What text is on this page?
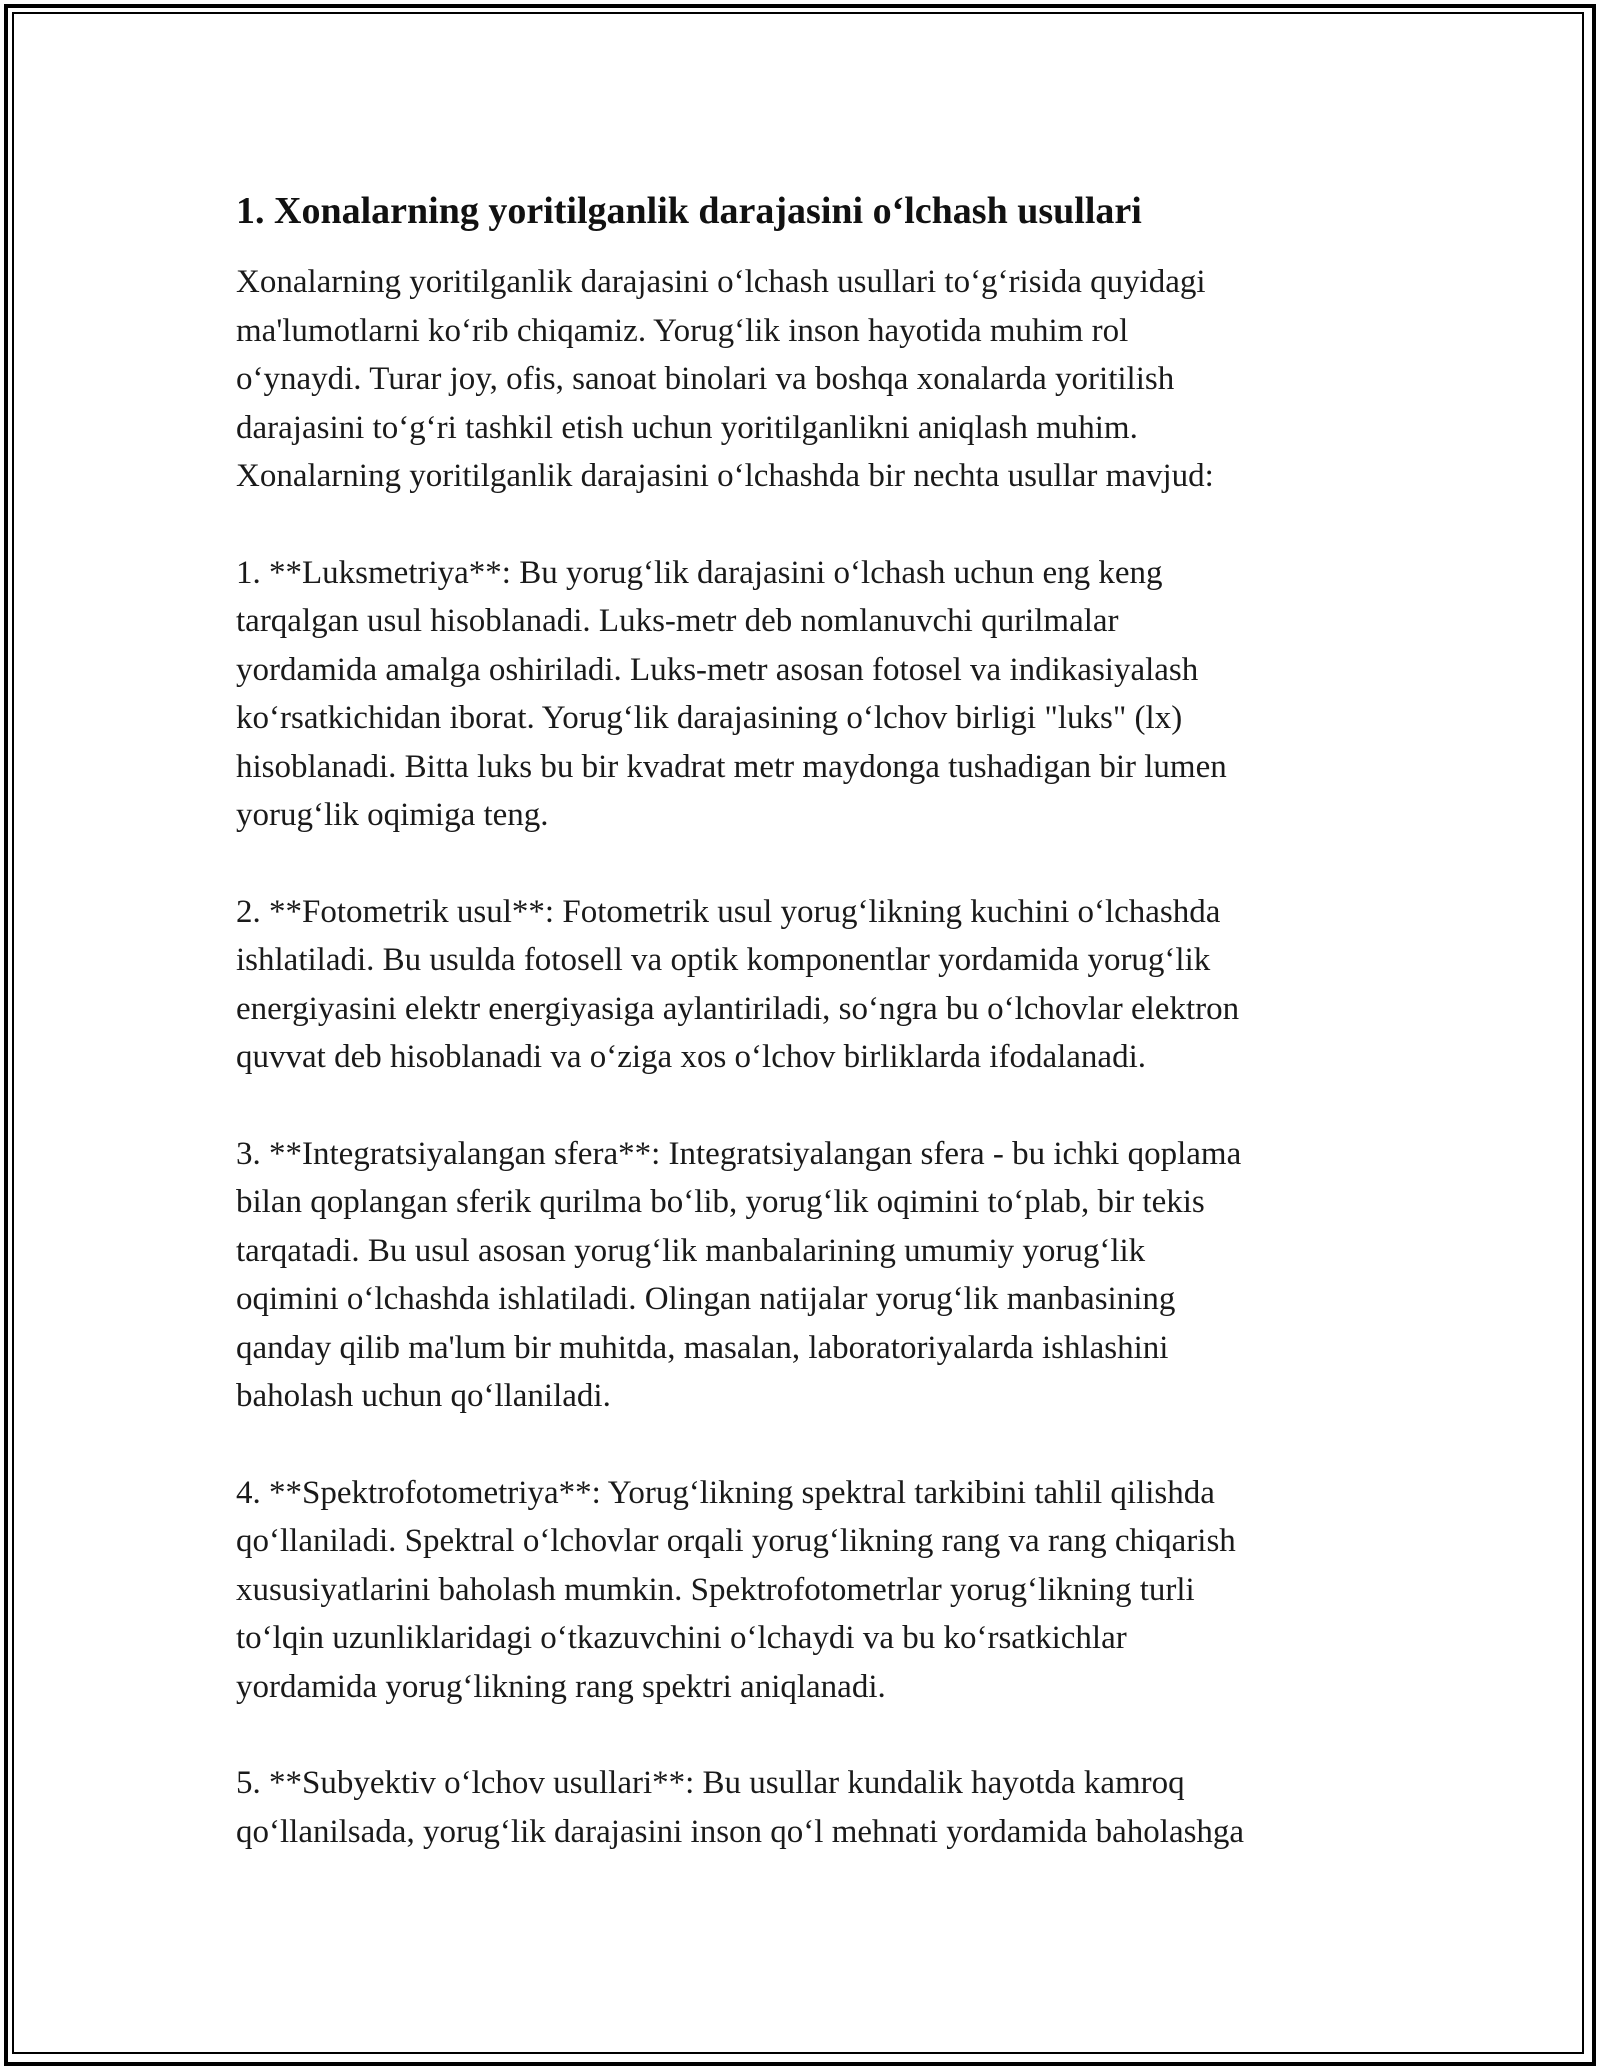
1. Xonalarning yoritilganlik darajasini o‘lchash usullari

Xonalarning yoritilganlik darajasini o‘lchash usullari to‘g‘risida quyidagi
ma'lumotlarni ko‘rib chiqamiz. Yorug‘lik inson hayotida muhim rol
o‘ynaydi. Turar joy, ofis, sanoat binolari va boshqa xonalarda yoritilish
darajasini to‘g‘ri tashkil etish uchun yoritilganlikni aniqlash muhim.
Xonalarning yoritilganlik darajasini o‘lchashda bir nechta usullar mavjud:

1. **Luksmetriya**: Bu yorug‘lik darajasini o‘lchash uchun eng keng
tarqalgan usul hisoblanadi. Luks-metr deb nomlanuvchi qurilmalar
yordamida amalga oshiriladi. Luks-metr asosan fotosel va indikasiyalash
ko‘rsatkichidan iborat. Yorug‘lik darajasining o‘lchov birligi "luks" (lx)
hisoblanadi. Bitta luks bu bir kvadrat metr maydonga tushadigan bir lumen
yorug‘lik oqimiga teng.

2. **Fotometrik usul**: Fotometrik usul yorug‘likning kuchini o‘lchashda
ishlatiladi. Bu usulda fotosell va optik komponentlar yordamida yorug‘lik
energiyasini elektr energiyasiga aylantiriladi, so‘ngra bu o‘lchovlar elektron
quvvat deb hisoblanadi va o‘ziga xos o‘lchov birliklarda ifodalanadi.

3. **Integratsiyalangan sfera**: Integratsiyalangan sfera - bu ichki qoplama
bilan qoplangan sferik qurilma bo‘lib, yorug‘lik oqimini to‘plab, bir tekis
tarqatadi. Bu usul asosan yorug‘lik manbalarining umumiy yorug‘lik
oqimini o‘lchashda ishlatiladi. Olingan natijalar yorug‘lik manbasining
qanday qilib ma'lum bir muhitda, masalan, laboratoriyalarda ishlashini
baholash uchun qo‘llaniladi.

4. **Spektrofotometriya**: Yorug‘likning spektral tarkibini tahlil qilishda
qo‘llaniladi. Spektral o‘lchovlar orqali yorug‘likning rang va rang chiqarish
xususiyatlarini baholash mumkin. Spektrofotometrlar yorug‘likning turli
to‘lqin uzunliklaridagi o‘tkazuvchini o‘lchaydi va bu ko‘rsatkichlar
yordamida yorug‘likning rang spektri aniqlanadi.

5. **Subyektiv o‘lchov usullari**: Bu usullar kundalik hayotda kamroq
qo‘llanilsada, yorug‘lik darajasini inson qo‘l mehnati yordamida baholashga
